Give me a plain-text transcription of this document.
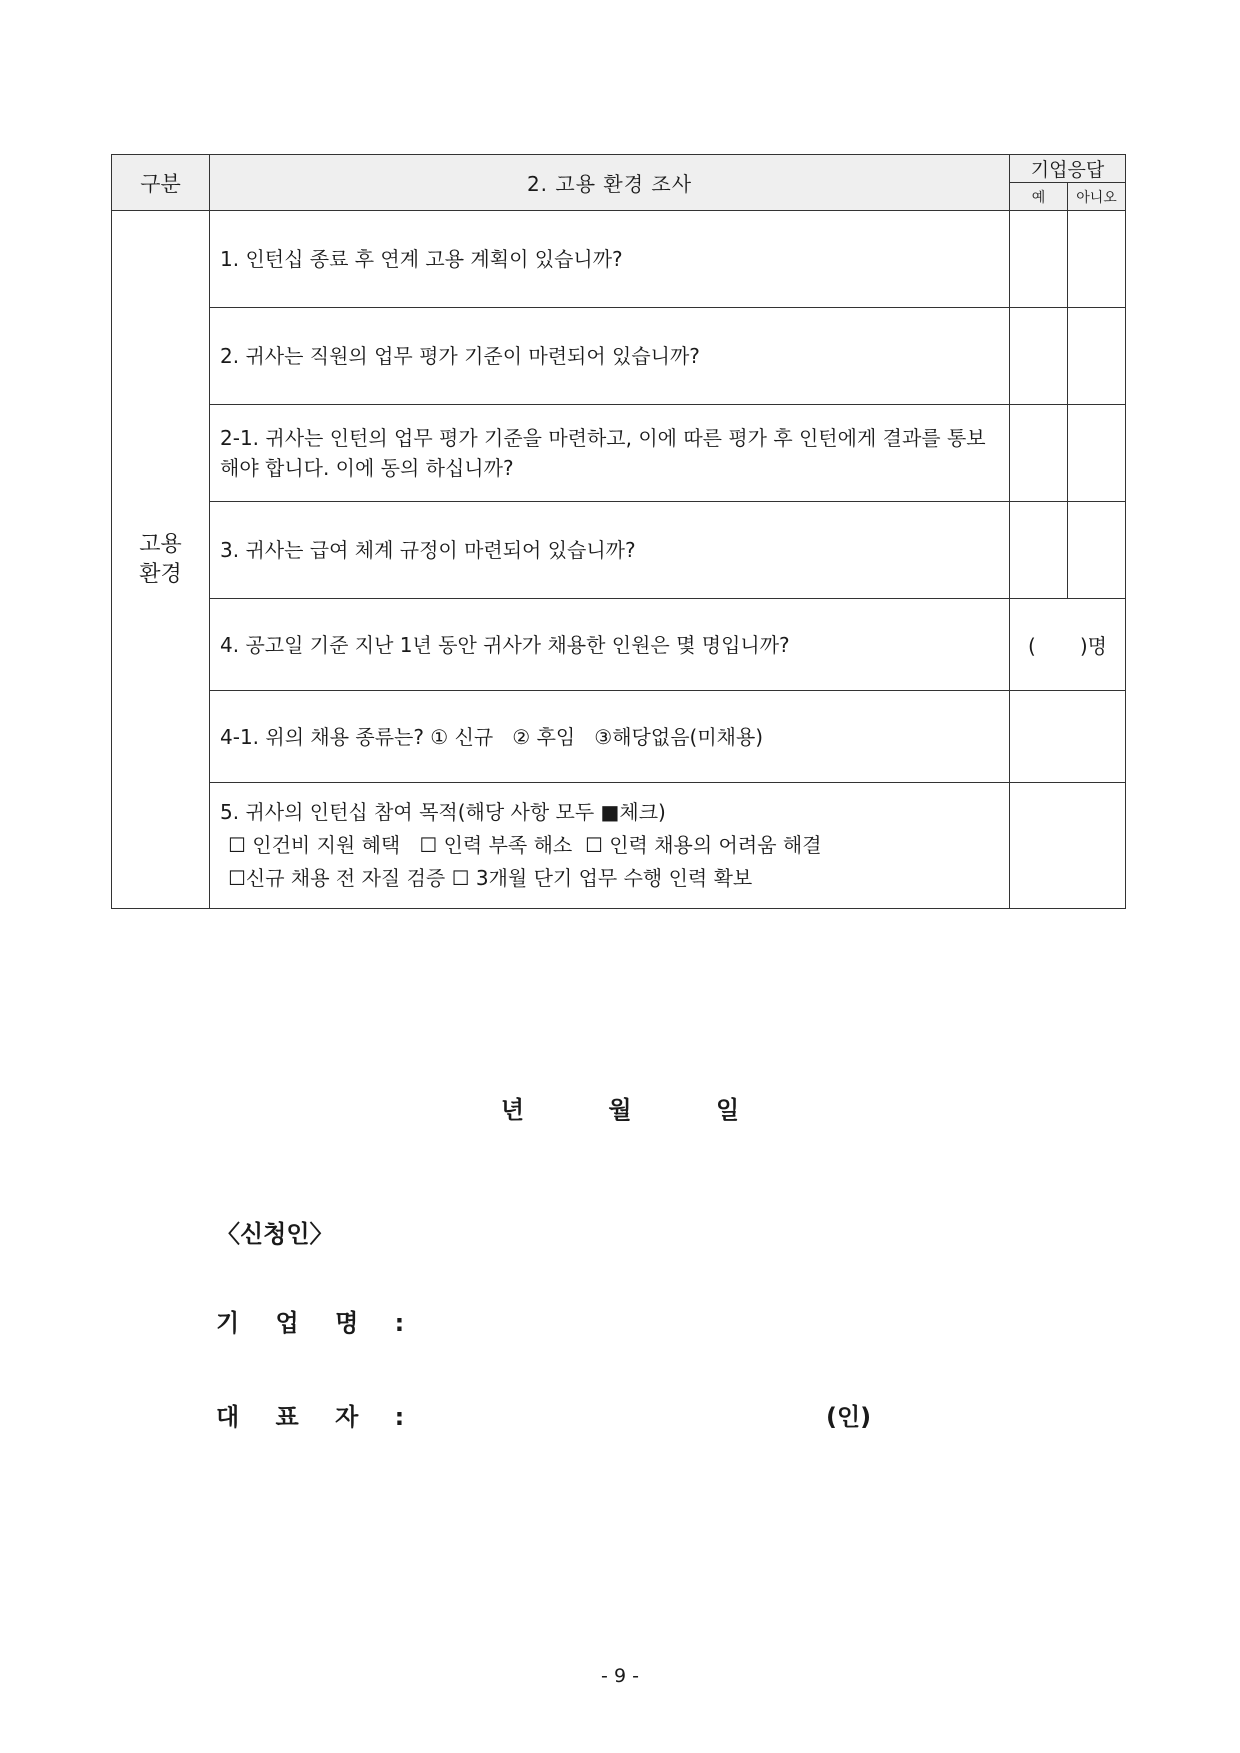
구분	2. 고용 환경 조사	기업응답	
		예	아니오

고용
환경	1. 인턴십 종료 후 연계 고용 계획이 있습니까?		
	2. 귀사는 직원의 업무 평가 기준이 마련되어 있습니까?		
	2-1. 귀사는 인턴의 업무 평가 기준을 마련하고, 이에 따른 평가 후 인턴에게 결과를 통보해야 합니다. 이에 동의 하십니까?		
	3. 귀사는 급여 체계 규정이 마련되어 있습니까?		
	4. 공고일 기준 지난 1년 동안 귀사가 채용한 인원은 몇 명입니까?	( )명	
	4-1. 위의 채용 종류는? ① 신규   ② 후임   ③해당없음(미채용)		

	5. 귀사의 인턴십 참여 목적(해당 사항 모두 ■체크)
☐ 인건비 지원 혜택   ☐ 인력 부족 해소  ☐ 인력 채용의 어려움 해결
☐신규 채용 전 자질 검증 ☐ 3개월 단기 업무 수행 인력 확보		

년	월	일
〈신청인〉
기 업 명 :
대 표 자 :	(인)
- 9 -
